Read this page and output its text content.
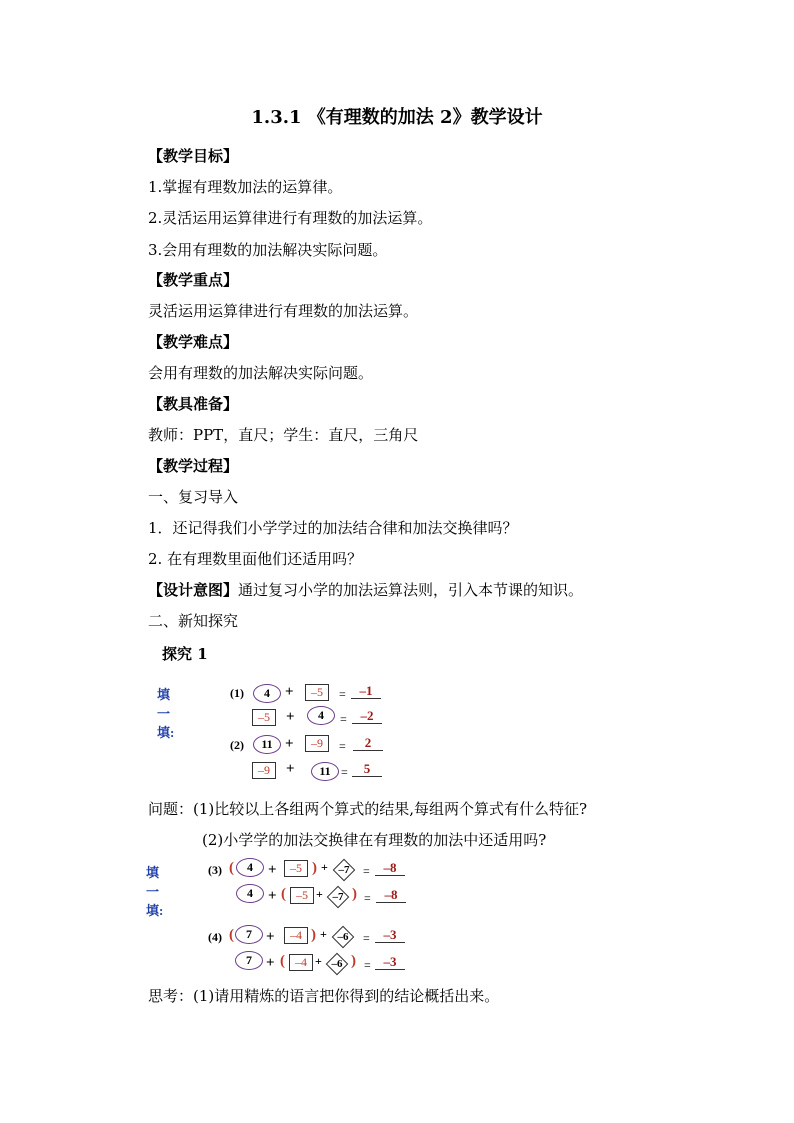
1.3.1 《有理数的加法 2》教学设计
【教学目标】
1.掌握有理数加法的运算律。
2.灵活运用运算律进行有理数的加法运算。
3.会用有理数的加法解决实际问题。
【教学重点】
灵活运用运算律进行有理数的加法运算。
【教学难点】
会用有理数的加法解决实际问题。
【教具准备】
教师：PPT，直尺；学生：直尺，三角尺
【教学过程】
一、复习导入
1．还记得我们小学学过的加法结合律和加法交换律吗？
2. 在有理数里面他们还适用吗？
【设计意图】通过复习小学的加法运算法则，引入本节课的知识。
二、新知探究
探究 1
填一填:
(1)	4	+	–5	=	–1
–5	+	4	=	–2
(2)	11 +	–9	=	2
–9	+	11 =	5
问题：(1)比较以上各组两个算式的结果,每组两个算式有什么特征?
(2)小学学的加法交换律在有理数的加法中还适用吗?
填一填:
(3) (	4	+	–5 ) + –7 =	–8
4	+ ( –5 + –7 ) =	–8
(4) (	7 +	–4 ) + –6 =	–3
7 + ( –4 + –6 ) = –3
思考：(1)请用精炼的语言把你得到的结论概括出来。
